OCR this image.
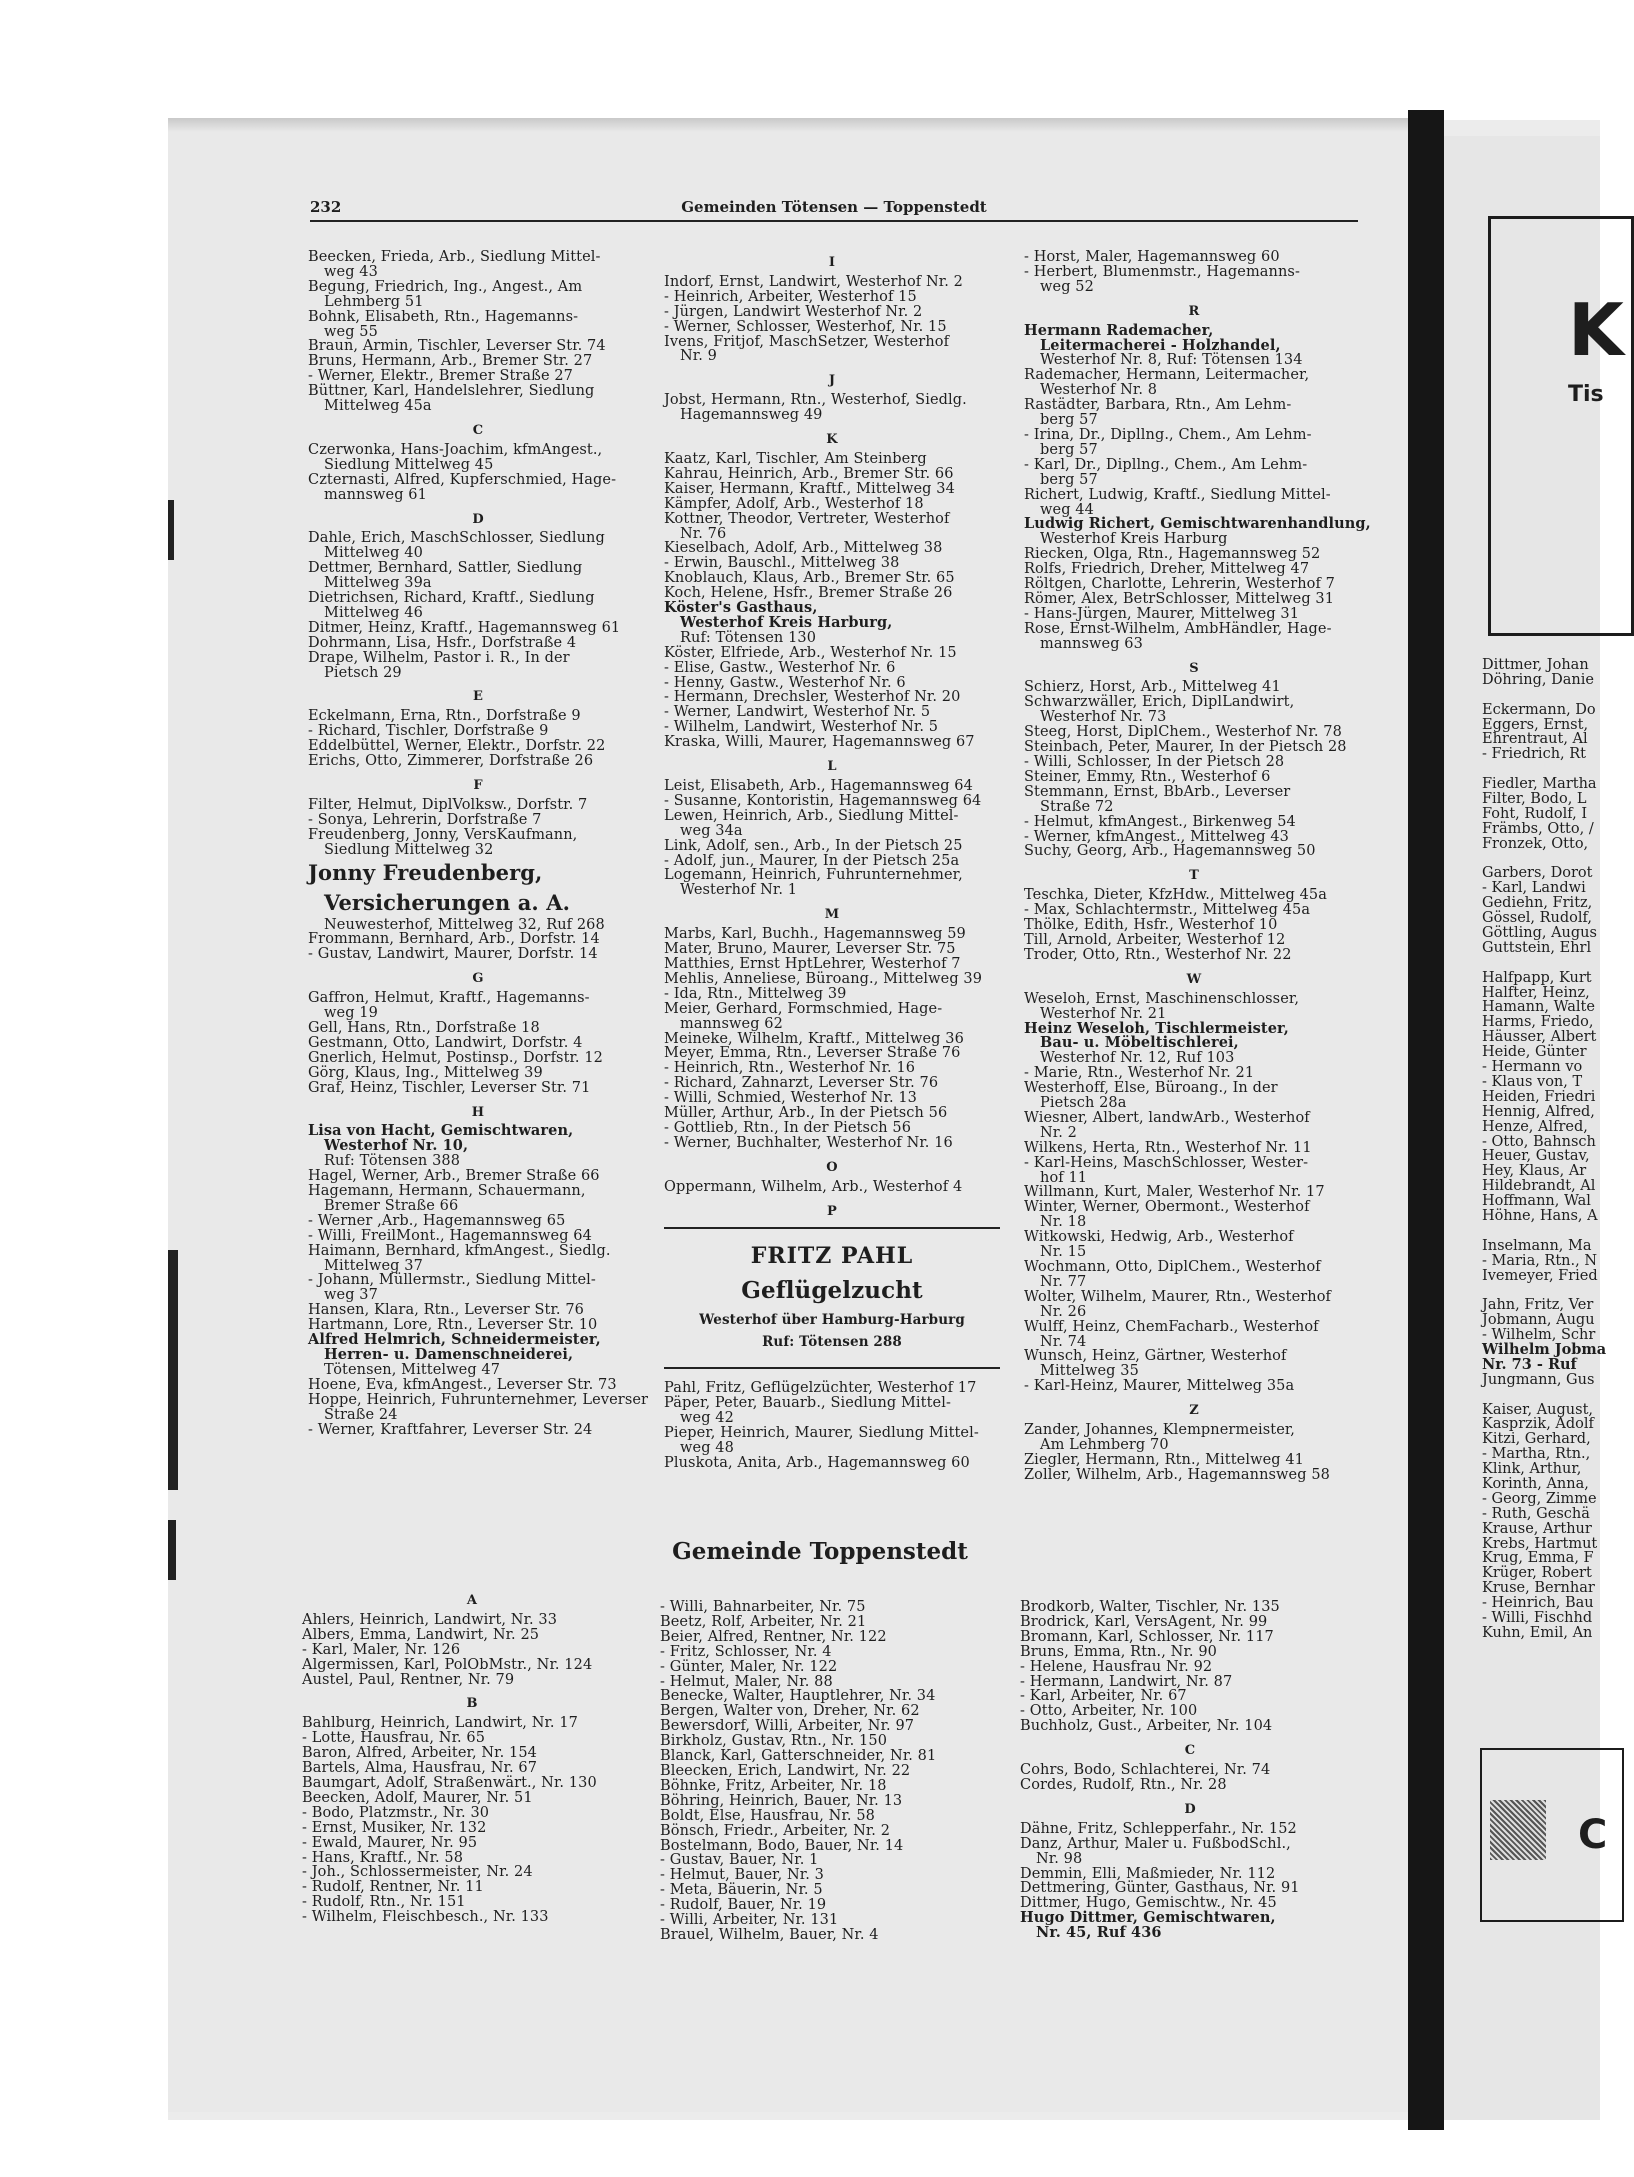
232	Gemeinden Tötensen — Toppenstedt
Beecken, Frieda, Arb., Siedlung Mittel-
weg 43
Begung, Friedrich, Ing., Angest., Am
Lehmberg 51
Bohnk, Elisabeth, Rtn., Hagemanns-
weg 55
Braun, Armin, Tischler, Leverser Str. 74
Bruns, Hermann, Arb., Bremer Str. 27
- Werner, Elektr., Bremer Straße 27
Büttner, Karl, Handelslehrer, Siedlung
Mittelweg 45a
C
Czerwonka, Hans-Joachim, kfmAngest.,
Siedlung Mittelweg 45
Czternasti, Alfred, Kupferschmied, Hage-
mannsweg 61
D
Dahle, Erich, MaschSchlosser, Siedlung
Mittelweg 40
Dettmer, Bernhard, Sattler, Siedlung
Mittelweg 39a
Dietrichsen, Richard, Kraftf., Siedlung
Mittelweg 46
Ditmer, Heinz, Kraftf., Hagemannsweg 61
Dohrmann, Lisa, Hsfr., Dorfstraße 4
Drape, Wilhelm, Pastor i. R., In der
Pietsch 29
E
Eckelmann, Erna, Rtn., Dorfstraße 9
- Richard, Tischler, Dorfstraße 9
Eddelbüttel, Werner, Elektr., Dorfstr. 22
Erichs, Otto, Zimmerer, Dorfstraße 26
F
Filter, Helmut, DiplVolksw., Dorfstr. 7
- Sonya, Lehrerin, Dorfstraße 7
Freudenberg, Jonny, VersKaufmann,
Siedlung Mittelweg 32
Jonny Freudenberg,
Versicherungen a. A.
Neuwesterhof, Mittelweg 32, Ruf 268
Frommann, Bernhard, Arb., Dorfstr. 14
- Gustav, Landwirt, Maurer, Dorfstr. 14
G
Gaffron, Helmut, Kraftf., Hagemanns-
weg 19
Gell, Hans, Rtn., Dorfstraße 18
Gestmann, Otto, Landwirt, Dorfstr. 4
Gnerlich, Helmut, Postinsp., Dorfstr. 12
Görg, Klaus, Ing., Mittelweg 39
Graf, Heinz, Tischler, Leverser Str. 71
H
Lisa von Hacht, Gemischtwaren,
Westerhof Nr. 10,
Ruf: Tötensen 388
Hagel, Werner, Arb., Bremer Straße 66
Hagemann, Hermann, Schauermann,
Bremer Straße 66
- Werner ,Arb., Hagemannsweg 65
- Willi, FreilMont., Hagemannsweg 64
Haimann, Bernhard, kfmAngest., Siedlg.
Mittelweg 37
- Johann, Müllermstr., Siedlung Mittel-
weg 37
Hansen, Klara, Rtn., Leverser Str. 76
Hartmann, Lore, Rtn., Leverser Str. 10
Alfred Helmrich, Schneidermeister,
Herren- u. Damenschneiderei,
Tötensen, Mittelweg 47
Hoene, Eva, kfmAngest., Leverser Str. 73
Hoppe, Heinrich, Fuhrunternehmer, Leverser
Straße 24
- Werner, Kraftfahrer, Leverser Str. 24
I
Indorf, Ernst, Landwirt, Westerhof Nr. 2
- Heinrich, Arbeiter, Westerhof 15
- Jürgen, Landwirt Westerhof Nr. 2
- Werner, Schlosser, Westerhof, Nr. 15
Ivens, Fritjof, MaschSetzer, Westerhof
Nr. 9
J
Jobst, Hermann, Rtn., Westerhof, Siedlg.
Hagemannsweg 49
K
Kaatz, Karl, Tischler, Am Steinberg
Kahrau, Heinrich, Arb., Bremer Str. 66
Kaiser, Hermann, Kraftf., Mittelweg 34
Kämpfer, Adolf, Arb., Westerhof 18
Kottner, Theodor, Vertreter, Westerhof
Nr. 76
Kieselbach, Adolf, Arb., Mittelweg 38
- Erwin, Bauschl., Mittelweg 38
Knoblauch, Klaus, Arb., Bremer Str. 65
Koch, Helene, Hsfr., Bremer Straße 26
Köster's Gasthaus,
Westerhof Kreis Harburg,
Ruf: Tötensen 130
Köster, Elfriede, Arb., Westerhof Nr. 15
- Elise, Gastw., Westerhof Nr. 6
- Henny, Gastw., Westerhof Nr. 6
- Hermann, Drechsler, Westerhof Nr. 20
- Werner, Landwirt, Westerhof Nr. 5
- Wilhelm, Landwirt, Westerhof Nr. 5
Kraska, Willi, Maurer, Hagemannsweg 67
L
Leist, Elisabeth, Arb., Hagemannsweg 64
- Susanne, Kontoristin, Hagemannsweg 64
Lewen, Heinrich, Arb., Siedlung Mittel-
weg 34a
Link, Adolf, sen., Arb., In der Pietsch 25
- Adolf, jun., Maurer, In der Pietsch 25a
Logemann, Heinrich, Fuhrunternehmer,
Westerhof Nr. 1
M
Marbs, Karl, Buchh., Hagemannsweg 59
Mater, Bruno, Maurer, Leverser Str. 75
Matthies, Ernst HptLehrer, Westerhof 7
Mehlis, Anneliese, Büroang., Mittelweg 39
- Ida, Rtn., Mittelweg 39
Meier, Gerhard, Formschmied, Hage-
mannsweg 62
Meineke, Wilhelm, Kraftf., Mittelweg 36
Meyer, Emma, Rtn., Leverser Straße 76
- Heinrich, Rtn., Westerhof Nr. 16
- Richard, Zahnarzt, Leverser Str. 76
- Willi, Schmied, Westerhof Nr. 13
Müller, Arthur, Arb., In der Pietsch 56
- Gottlieb, Rtn., In der Pietsch 56
- Werner, Buchhalter, Westerhof Nr. 16
O
Oppermann, Wilhelm, Arb., Westerhof 4
P
FRITZ PAHL
Geflügelzucht
Westerhof über Hamburg-Harburg
Ruf: Tötensen 288
Pahl, Fritz, Geflügelzüchter, Westerhof 17
Päper, Peter, Bauarb., Siedlung Mittel-
weg 42
Pieper, Heinrich, Maurer, Siedlung Mittel-
weg 48
Pluskota, Anita, Arb., Hagemannsweg 60
- Horst, Maler, Hagemannsweg 60
- Herbert, Blumenmstr., Hagemanns-
weg 52
R
Hermann Rademacher,
Leitermacherei - Holzhandel,
Westerhof Nr. 8, Ruf: Tötensen 134
Rademacher, Hermann, Leitermacher,
Westerhof Nr. 8
Rastädter, Barbara, Rtn., Am Lehm-
berg 57
- Irina, Dr., Dipllng., Chem., Am Lehm-
berg 57
- Karl, Dr., Dipllng., Chem., Am Lehm-
berg 57
Richert, Ludwig, Kraftf., Siedlung Mittel-
weg 44
Ludwig Richert, Gemischtwarenhandlung,
Westerhof Kreis Harburg
Riecken, Olga, Rtn., Hagemannsweg 52
Rolfs, Friedrich, Dreher, Mittelweg 47
Röltgen, Charlotte, Lehrerin, Westerhof 7
Römer, Alex, BetrSchlosser, Mittelweg 31
- Hans-Jürgen, Maurer, Mittelweg 31
Rose, Ernst-Wilhelm, AmbHändler, Hage-
mannsweg 63
S
Schierz, Horst, Arb., Mittelweg 41
Schwarzwäller, Erich, DiplLandwirt,
Westerhof Nr. 73
Steeg, Horst, DiplChem., Westerhof Nr. 78
Steinbach, Peter, Maurer, In der Pietsch 28
- Willi, Schlosser, In der Pietsch 28
Steiner, Emmy, Rtn., Westerhof 6
Stemmann, Ernst, BbArb., Leverser
Straße 72
- Helmut, kfmAngest., Birkenweg 54
- Werner, kfmAngest., Mittelweg 43
Suchy, Georg, Arb., Hagemannsweg 50
T
Teschka, Dieter, KfzHdw., Mittelweg 45a
- Max, Schlachtermstr., Mittelweg 45a
Thölke, Edith, Hsfr., Westerhof 10
Till, Arnold, Arbeiter, Westerhof 12
Troder, Otto, Rtn., Westerhof Nr. 22
W
Weseloh, Ernst, Maschinenschlosser,
Westerhof Nr. 21
Heinz Weseloh, Tischlermeister,
Bau- u. Möbeltischlerei,
Westerhof Nr. 12, Ruf 103
- Marie, Rtn., Westerhof Nr. 21
Westerhoff, Else, Büroang., In der
Pietsch 28a
Wiesner, Albert, landwArb., Westerhof
Nr. 2
Wilkens, Herta, Rtn., Westerhof Nr. 11
- Karl-Heins, MaschSchlosser, Wester-
hof 11
Willmann, Kurt, Maler, Westerhof Nr. 17
Winter, Werner, Obermont., Westerhof
Nr. 18
Witkowski, Hedwig, Arb., Westerhof
Nr. 15
Wochmann, Otto, DiplChem., Westerhof
Nr. 77
Wolter, Wilhelm, Maurer, Rtn., Westerhof
Nr. 26
Wulff, Heinz, ChemFacharb., Westerhof
Nr. 74
Wunsch, Heinz, Gärtner, Westerhof
Mittelweg 35
- Karl-Heinz, Maurer, Mittelweg 35a
Z
Zander, Johannes, Klempnermeister,
Am Lehmberg 70
Ziegler, Hermann, Rtn., Mittelweg 41
Zoller, Wilhelm, Arb., Hagemannsweg 58
Gemeinde Toppenstedt
A
Ahlers, Heinrich, Landwirt, Nr. 33
Albers, Emma, Landwirt, Nr. 25
- Karl, Maler, Nr. 126
Algermissen, Karl, PolObMstr., Nr. 124
Austel, Paul, Rentner, Nr. 79
B
Bahlburg, Heinrich, Landwirt, Nr. 17
- Lotte, Hausfrau, Nr. 65
Baron, Alfred, Arbeiter, Nr. 154
Bartels, Alma, Hausfrau, Nr. 67
Baumgart, Adolf, Straßenwärt., Nr. 130
Beecken, Adolf, Maurer, Nr. 51
- Bodo, Platzmstr., Nr. 30
- Ernst, Musiker, Nr. 132
- Ewald, Maurer, Nr. 95
- Hans, Kraftf., Nr. 58
- Joh., Schlossermeister, Nr. 24
- Rudolf, Rentner, Nr. 11
- Rudolf, Rtn., Nr. 151
- Wilhelm, Fleischbesch., Nr. 133
- Willi, Bahnarbeiter, Nr. 75
Beetz, Rolf, Arbeiter, Nr. 21
Beier, Alfred, Rentner, Nr. 122
- Fritz, Schlosser, Nr. 4
- Günter, Maler, Nr. 122
- Helmut, Maler, Nr. 88
Benecke, Walter, Hauptlehrer, Nr. 34
Bergen, Walter von, Dreher, Nr. 62
Bewersdorf, Willi, Arbeiter, Nr. 97
Birkholz, Gustav, Rtn., Nr. 150
Blanck, Karl, Gatterschneider, Nr. 81
Bleecken, Erich, Landwirt, Nr. 22
Böhnke, Fritz, Arbeiter, Nr. 18
Böhring, Heinrich, Bauer, Nr. 13
Boldt, Else, Hausfrau, Nr. 58
Bönsch, Friedr., Arbeiter, Nr. 2
Bostelmann, Bodo, Bauer, Nr. 14
- Gustav, Bauer, Nr. 1
- Helmut, Bauer, Nr. 3
- Meta, Bäuerin, Nr. 5
- Rudolf, Bauer, Nr. 19
- Willi, Arbeiter, Nr. 131
Brauel, Wilhelm, Bauer, Nr. 4
Brodkorb, Walter, Tischler, Nr. 135
Brodrick, Karl, VersAgent, Nr. 99
Bromann, Karl, Schlosser, Nr. 117
Bruns, Emma, Rtn., Nr. 90
- Helene, Hausfrau Nr. 92
- Hermann, Landwirt, Nr. 87
- Karl, Arbeiter, Nr. 67
- Otto, Arbeiter, Nr. 100
Buchholz, Gust., Arbeiter, Nr. 104
C
Cohrs, Bodo, Schlachterei, Nr. 74
Cordes, Rudolf, Rtn., Nr. 28
D
Dähne, Fritz, Schlepperfahr., Nr. 152
Danz, Arthur, Maler u. FußbodSchl.,
Nr. 98
Demmin, Elli, Maßmieder, Nr. 112
Dettmering, Günter, Gasthaus, Nr. 91
Dittmer, Hugo, Gemischtw., Nr. 45
Hugo Dittmer, Gemischtwaren,
Nr. 45, Ruf 436
K
Tis
Dittmer, Johan
Döhring, Danie
Eckermann, Do
Eggers, Ernst,
Ehrentraut, Al
- Friedrich, Rt
Fiedler, Martha
Filter, Bodo, L
Foht, Rudolf, I
Främbs, Otto, /
Fronzek, Otto,
Garbers, Dorot
- Karl, Landwi
Gediehn, Fritz,
Gössel, Rudolf,
Göttling, Augus
Guttstein, Ehrl
Halfpapp, Kurt
Halfter, Heinz,
Hamann, Walte
Harms, Friedo,
Häusser, Albert
Heide, Günter
- Hermann vo
- Klaus von, T
Heiden, Friedri
Hennig, Alfred,
Henze, Alfred,
- Otto, Bahnsch
Heuer, Gustav,
Hey, Klaus, Ar
Hildebrandt, Al
Hoffmann, Wal
Höhne, Hans, A
Inselmann, Ma
- Maria, Rtn., N
Ivemeyer, Fried
Jahn, Fritz, Ver
Jobmann, Augu
- Wilhelm, Schr
Wilhelm Jobma
Nr. 73 - Ruf
Jungmann, Gus
Kaiser, August,
Kasprzik, Adolf
Kitzi, Gerhard,
- Martha, Rtn.,
Klink, Arthur,
Korinth, Anna,
- Georg, Zimme
- Ruth, Geschä
Krause, Arthur
Krebs, Hartmut
Krug, Emma, F
Krüger, Robert
Kruse, Bernhar
- Heinrich, Bau
- Willi, Fischhd
Kuhn, Emil, An
C
